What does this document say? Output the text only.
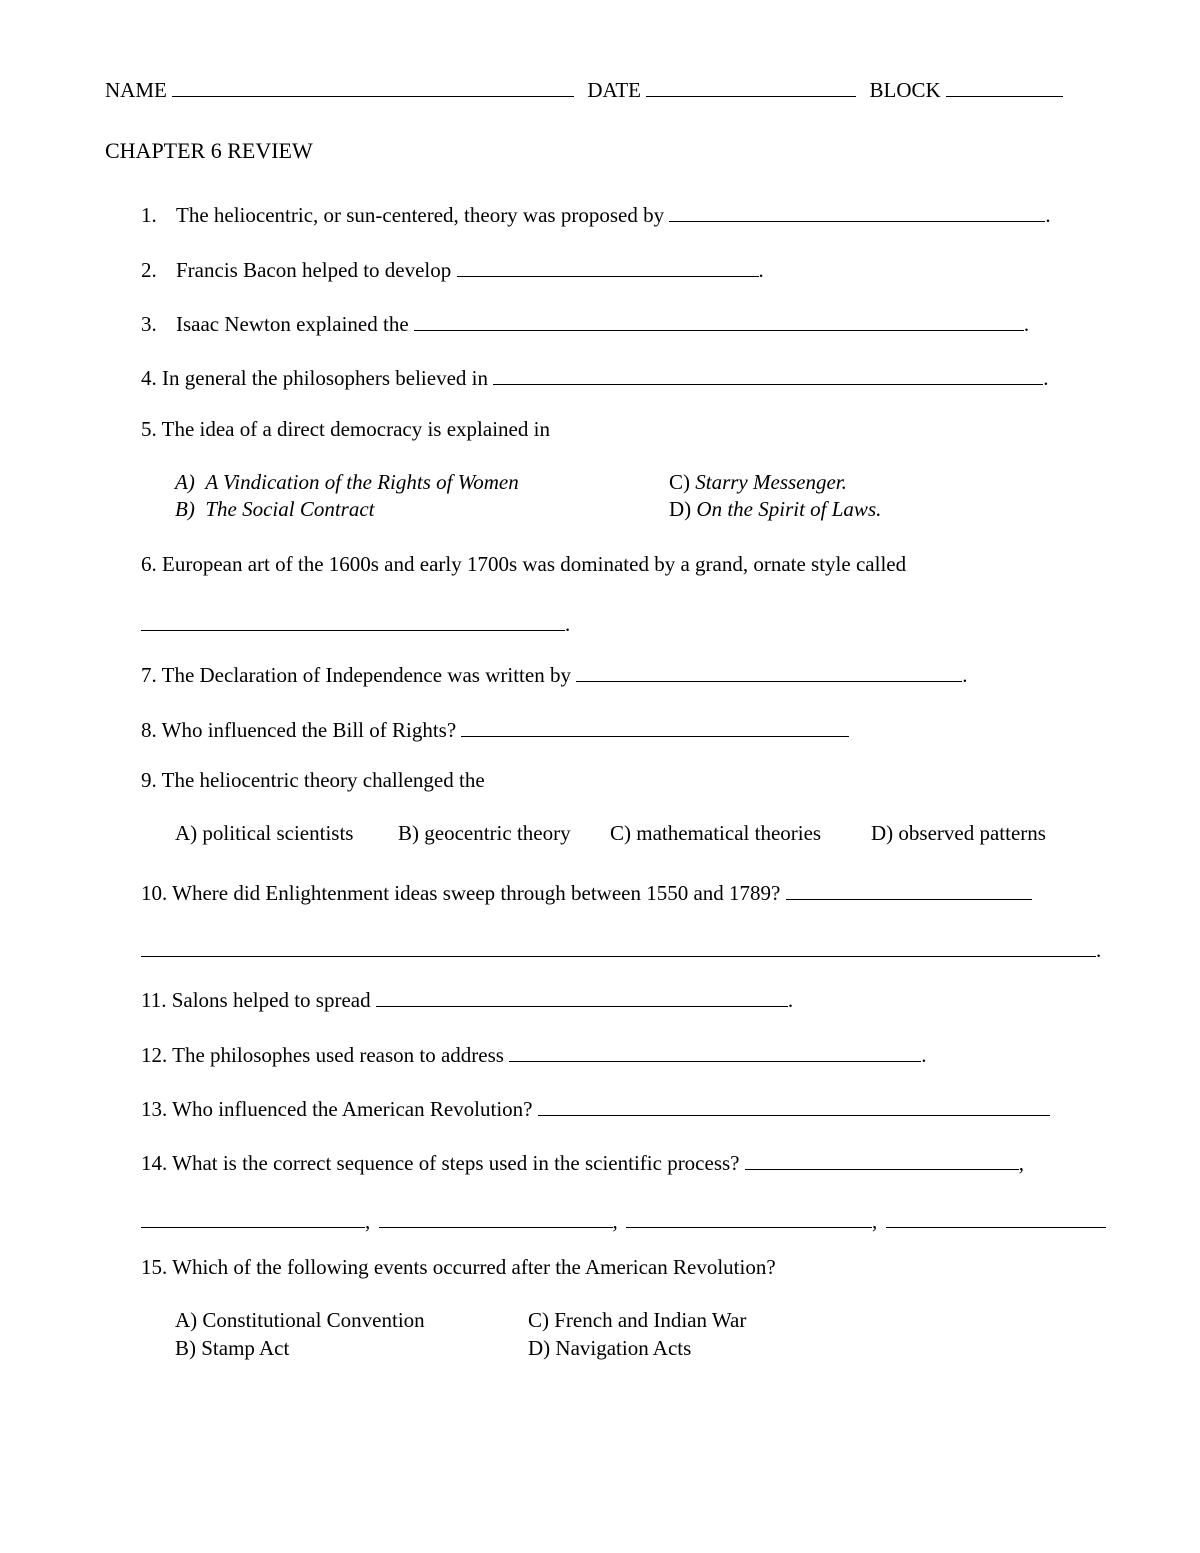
NAME	DATE	BLOCK
CHAPTER 6 REVIEW
1. The heliocentric, or sun-centered, theory was proposed by	.
2. Francis Bacon helped to develop	.
3. Isaac Newton explained the	.
4. In general the philosophers believed in	.
5. The idea of a direct democracy is explained in
A) A Vindication of the Rights of Women
B) The Social Contract
C) Starry Messenger.
D) On the Spirit of Laws.
6. European art of the 1600s and early 1700s was dominated by a grand, ornate style called
.
7. The Declaration of Independence was written by	.
8. Who influenced the Bill of Rights?
9. The heliocentric theory challenged the
A) political scientists B) geocentric theory C) mathematical theories D) observed patterns
10. Where did Enlightenment ideas sweep through between 1550 and 1789?
.
11. Salons helped to spread	.
12. The philosophes used reason to address	.
13. Who influenced the American Revolution?
14. What is the correct sequence of steps used in the scientific process?	,
,	,	,
15. Which of the following events occurred after the American Revolution?
A) Constitutional Convention
B) Stamp Act
C) French and Indian War
D) Navigation Acts
